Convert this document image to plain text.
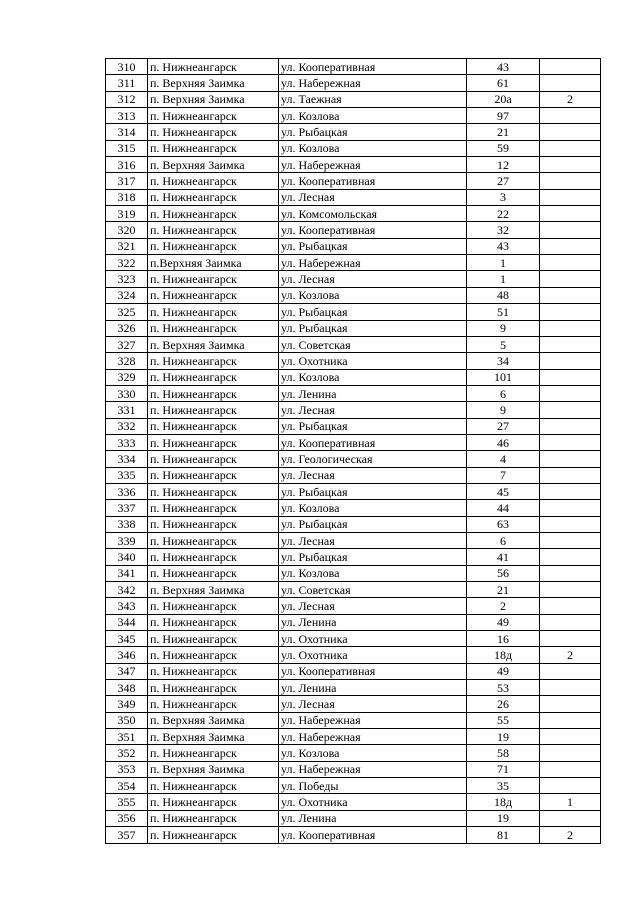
310	п. Нижнеангарск	ул. Кооперативная	43	
311	п. Верхняя Заимка	ул. Набережная	61	
312	п. Верхняя Заимка	ул. Таежная	20а	2
313	п. Нижнеангарск	ул. Козлова	97	
314	п. Нижнеангарск	ул. Рыбацкая	21	
315	п. Нижнеангарск	ул. Козлова	59	
316	п. Верхняя Заимка	ул. Набережная	12	
317	п. Нижнеангарск	ул. Кооперативная	27	
318	п. Нижнеангарск	ул. Лесная	3	
319	п. Нижнеангарск	ул. Комсомольская	22	
320	п. Нижнеангарск	ул. Кооперативная	32	
321	п. Нижнеангарск	ул. Рыбацкая	43	
322	п.Верхняя Заимка	ул. Набережная	1	
323	п. Нижнеангарск	ул. Лесная	1	
324	п. Нижнеангарск	ул. Козлова	48	
325	п. Нижнеангарск	ул. Рыбацкая	51	
326	п. Нижнеангарск	ул. Рыбацкая	9	
327	п. Верхняя Заимка	ул. Советская	5	
328	п. Нижнеангарск	ул. Охотника	34	
329	п. Нижнеангарск	ул. Козлова	101	
330	п. Нижнеангарск	ул. Ленина	6	
331	п. Нижнеангарск	ул. Лесная	9	
332	п. Нижнеангарск	ул. Рыбацкая	27	
333	п. Нижнеангарск	ул. Кооперативная	46	
334	п. Нижнеангарск	ул. Геологическая	4	
335	п. Нижнеангарск	ул. Лесная	7	
336	п. Нижнеангарск	ул. Рыбацкая	45	
337	п. Нижнеангарск	ул. Козлова	44	
338	п. Нижнеангарск	ул. Рыбацкая	63	
339	п. Нижнеангарск	ул. Лесная	6	
340	п. Нижнеангарск	ул. Рыбацкая	41	
341	п. Нижнеангарск	ул. Козлова	56	
342	п. Верхняя Заимка	ул. Советская	21	
343	п. Нижнеангарск	ул. Лесная	2	
344	п. Нижнеангарск	ул. Ленина	49	
345	п. Нижнеангарск	ул. Охотника	16	
346	п. Нижнеангарск	ул. Охотника	18д	2
347	п. Нижнеангарск	ул. Кооперативная	49	
348	п. Нижнеангарск	ул. Ленина	53	
349	п. Нижнеангарск	ул. Лесная	26	
350	п. Верхняя Заимка	ул. Набережная	55	
351	п. Верхняя Заимка	ул. Набережная	19	
352	п. Нижнеангарск	ул. Козлова	58	
353	п. Верхняя Заимка	ул. Набережная	71	
354	п. Нижнеангарск	ул. Победы	35	
355	п. Нижнеангарск	ул. Охотника	18д	1
356	п. Нижнеангарск	ул. Ленина	19	
357	п. Нижнеангарск	ул. Кооперативная	81	2
